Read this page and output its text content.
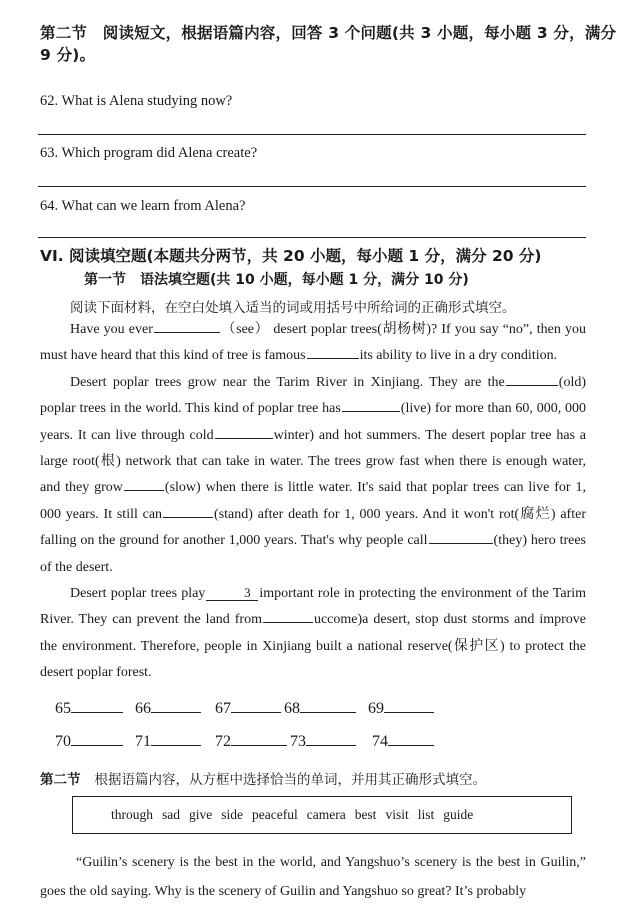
第二节　阅读短文，根据语篇内容，回答 3 个问题(共 3 小题，每小题 3 分，满分 9 分)。
62. What is Alena studying now?
63. Which program did Alena create?
64. What can we learn from Alena?
VI. 阅读填空题(本题共分两节，共 20 小题，每小题 1 分，满分 20 分)
第一节　语法填空题(共 10 小题，每小题 1 分，满分 10 分)
阅读下面材料，在空白处填入适当的词或用括号中所给词的正确形式填空。

Have you ever	（see） desert poplar trees(胡杨树)? If you say “no”, then you must have heard that this kind of tree is famous	its ability to live in a dry condition.

Desert poplar trees grow near the Tarim River in Xinjiang. They are the	(old) poplar trees in the world. This kind of poplar tree has	(live) for more than 60, 000, 000 years. It can live through cold	winter) and hot summers. The desert poplar tree has a large root(根) network that can take in water. The trees grow fast when there is enough water, and they grow	(slow) when there is little water. It's said that poplar trees can live for 1, 000 years. It still can	(stand) after death for 1, 000 years. And it won't rot(腐烂) after falling on the ground for another 1,000 years. That's why people call	(they) hero trees of the desert.

Desert poplar trees play	3 important role in protecting the environment of the Tarim River. They can prevent the land from	uccome)a desert, stop dust storms and improve the environment. Therefore, people in Xinjiang built a national reserve(保护区) to protect the desert poplar forest.

65	66	67	68	69
70	71	72	73	74
第二节 根据语篇内容，从方框中选择恰当的单词，并用其正确形式填空。
through sad give side peaceful camera best visit list guide

“Guilin’s scenery is the best in the world, and Yangshuo’s scenery is the best in Guilin,” goes the old saying. Why is the scenery of Guilin and Yangshuo so great? It’s probably
